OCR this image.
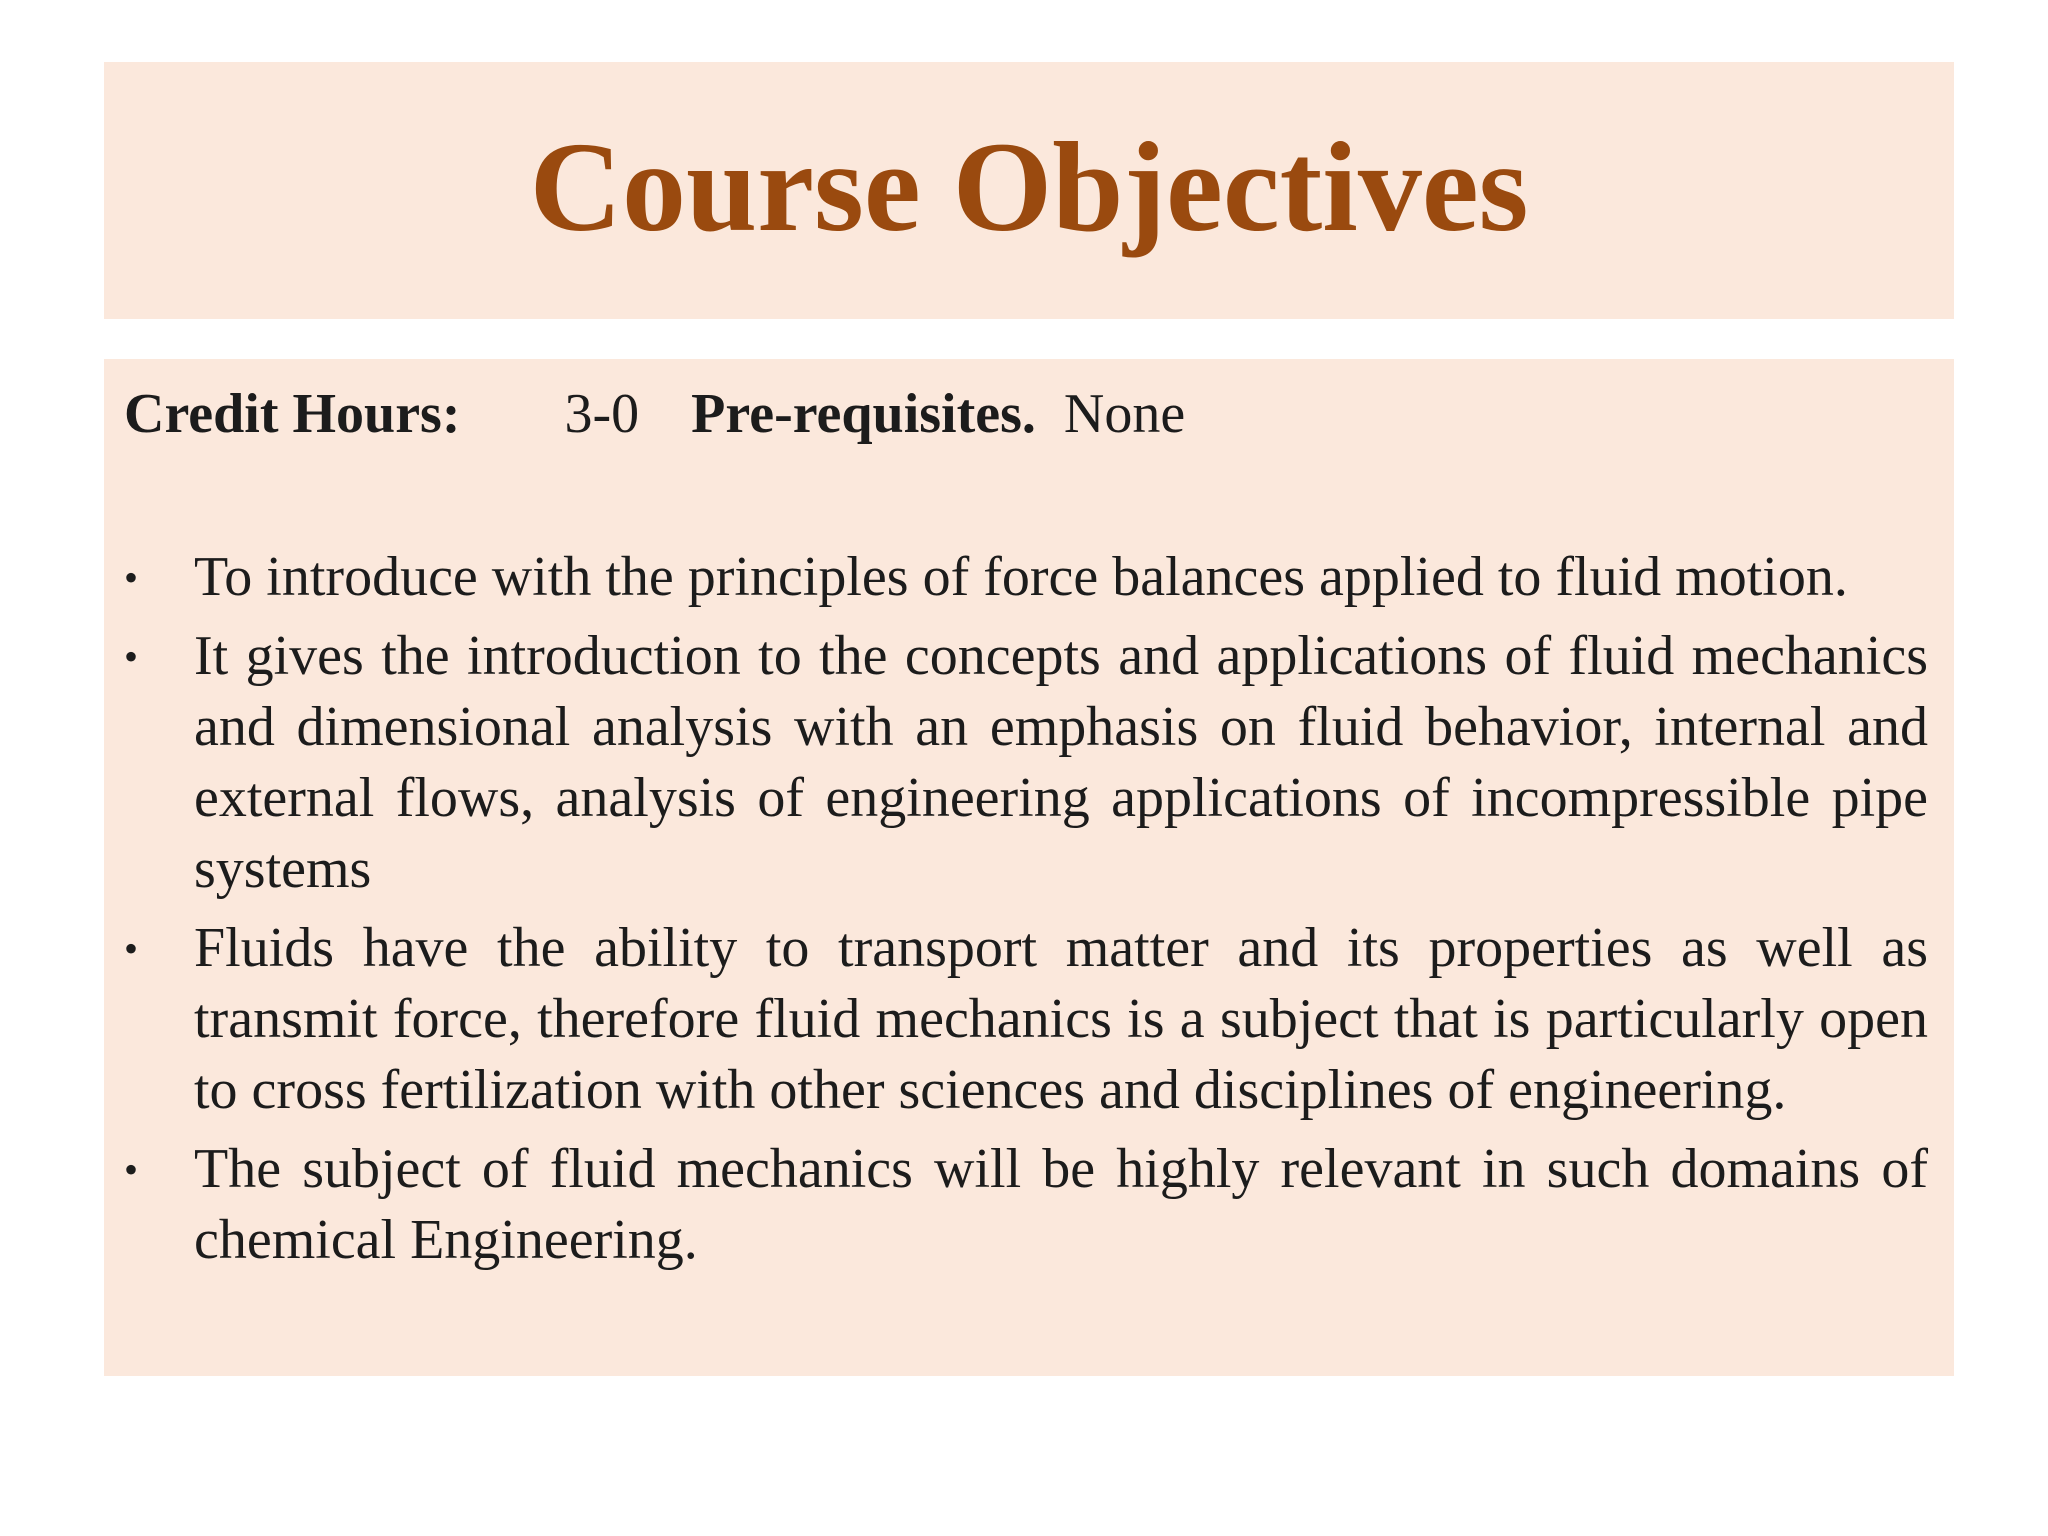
Course Objectives
Credit Hours: 3-0 Pre-requisites. None
• To introduce with the principles of force balances applied to fluid motion.
• It gives the introduction to the concepts and applications of fluid mechanics and dimensional analysis with an emphasis on fluid behavior, internal and external flows, analysis of engineering applications of incompressible pipe systems
• Fluids have the ability to transport matter and its properties as well as transmit force, therefore fluid mechanics is a subject that is particularly open to cross fertilization with other sciences and disciplines of engineering.
• The subject of fluid mechanics will be highly relevant in such domains of chemical Engineering.
